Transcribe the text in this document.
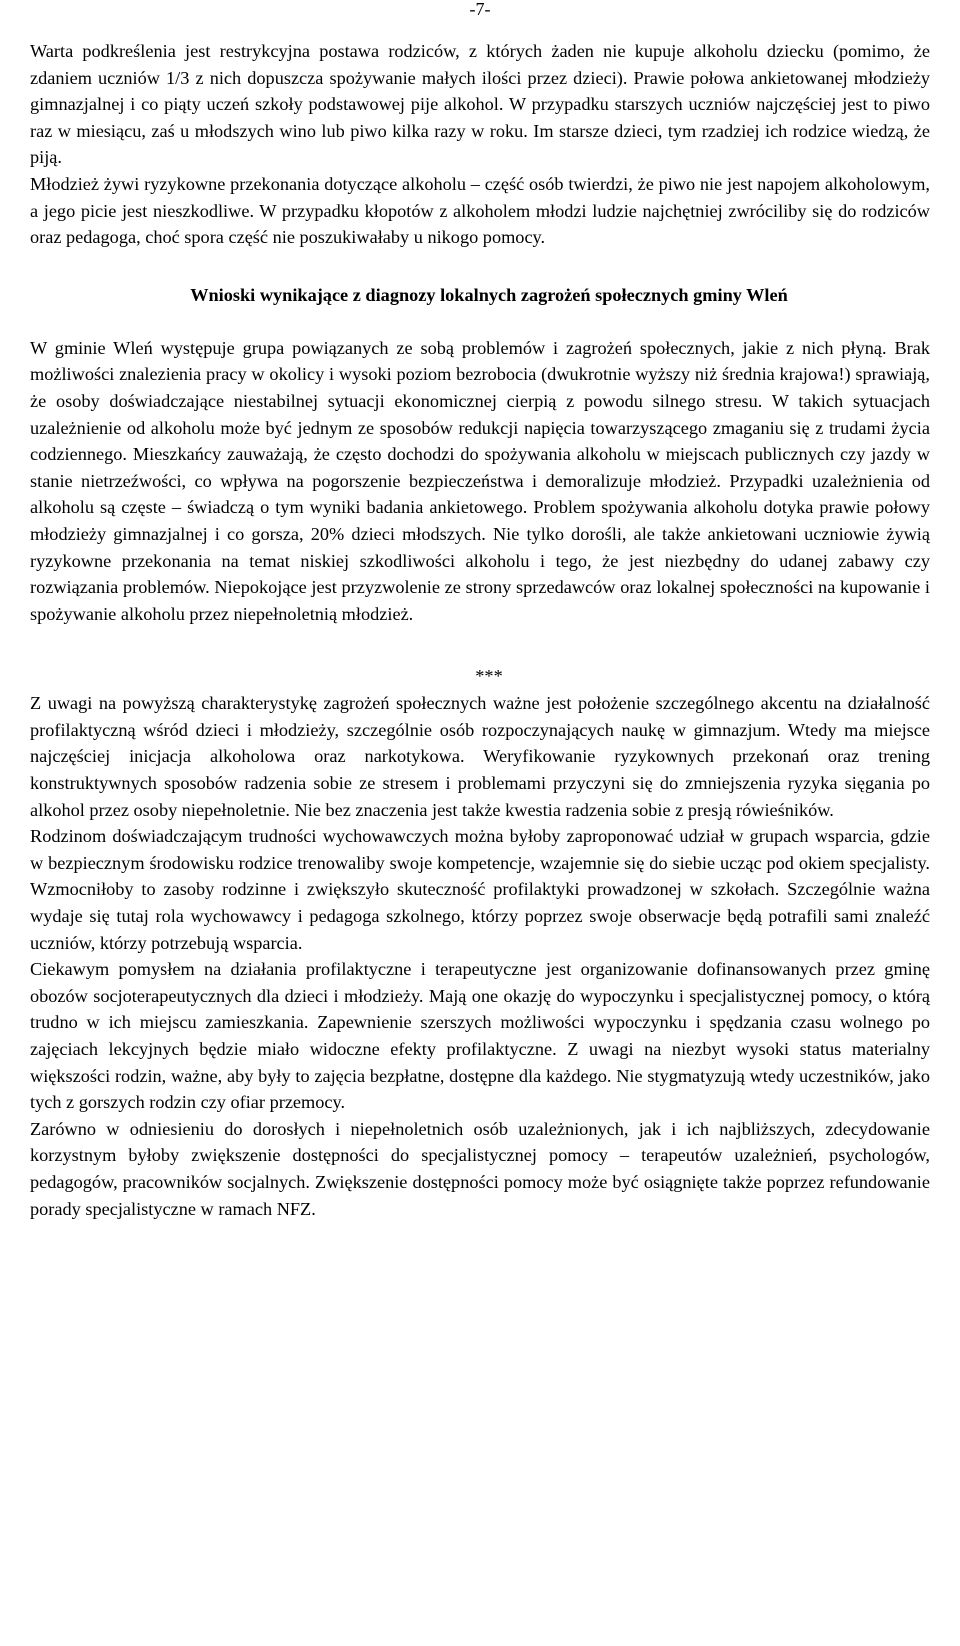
-7-

Warta podkreślenia jest restrykcyjna postawa rodziców, z których żaden nie kupuje alkoholu dziecku (pomimo, że zdaniem uczniów 1/3 z nich dopuszcza spożywanie małych ilości przez dzieci). Prawie połowa ankietowanej młodzieży gimnazjalnej i co piąty uczeń szkoły podstawowej pije alkohol. W przypadku starszych uczniów najczęściej jest to piwo raz w miesiącu, zaś u młodszych wino lub piwo kilka razy w roku. Im starsze dzieci, tym rzadziej ich rodzice wiedzą, że piją.

Młodzież żywi ryzykowne przekonania dotyczące alkoholu – część osób twierdzi, że piwo nie jest napojem alkoholowym, a jego picie jest nieszkodliwe. W przypadku kłopotów z alkoholem młodzi ludzie najchętniej zwróciliby się do rodziców oraz pedagoga, choć spora część nie poszukiwałaby u nikogo pomocy.

Wnioski wynikające z diagnozy lokalnych zagrożeń społecznych gminy Wleń

W gminie Wleń występuje grupa powiązanych ze sobą problemów i zagrożeń społecznych, jakie z nich płyną. Brak możliwości znalezienia pracy w okolicy i wysoki poziom bezrobocia (dwukrotnie wyższy niż średnia krajowa!) sprawiają, że osoby doświadczające niestabilnej sytuacji ekonomicznej cierpią z powodu silnego stresu. W takich sytuacjach uzależnienie od alkoholu może być jednym ze sposobów redukcji napięcia towarzyszącego zmaganiu się z trudami życia codziennego. Mieszkańcy zauważają, że często dochodzi do spożywania alkoholu w miejscach publicznych czy jazdy w stanie nietrzeźwości, co wpływa na pogorszenie bezpieczeństwa i demoralizuje młodzież. Przypadki uzależnienia od alkoholu są częste – świadczą o tym wyniki badania ankietowego. Problem spożywania alkoholu dotyka prawie połowy młodzieży gimnazjalnej i co gorsza, 20% dzieci młodszych. Nie tylko dorośli, ale także ankietowani uczniowie żywią ryzykowne przekonania na temat niskiej szkodliwości alkoholu i tego, że jest niezbędny do udanej zabawy czy rozwiązania problemów. Niepokojące jest przyzwolenie ze strony sprzedawców oraz lokalnej społeczności na kupowanie i spożywanie alkoholu przez niepełnoletnią młodzież.

***

Z uwagi na powyższą charakterystykę zagrożeń społecznych ważne jest położenie szczególnego akcentu na działalność profilaktyczną wśród dzieci i młodzieży, szczególnie osób rozpoczynających naukę w gimnazjum. Wtedy ma miejsce najczęściej inicjacja alkoholowa oraz narkotykowa. Weryfikowanie ryzykownych przekonań oraz trening konstruktywnych sposobów radzenia sobie ze stresem i problemami przyczyni się do zmniejszenia ryzyka sięgania po alkohol przez osoby niepełnoletnie. Nie bez znaczenia jest także kwestia radzenia sobie z presją rówieśników.

Rodzinom doświadczającym trudności wychowawczych można byłoby zaproponować udział w grupach wsparcia, gdzie w bezpiecznym środowisku rodzice trenowaliby swoje kompetencje, wzajemnie się do siebie ucząc pod okiem specjalisty. Wzmocniłoby to zasoby rodzinne i zwiększyło skuteczność profilaktyki prowadzonej w szkołach. Szczególnie ważna wydaje się tutaj rola wychowawcy i pedagoga szkolnego, którzy poprzez swoje obserwacje będą potrafili sami znaleźć uczniów, którzy potrzebują wsparcia.

Ciekawym pomysłem na działania profilaktyczne i terapeutyczne jest organizowanie dofinansowanych przez gminę obozów socjoterapeutycznych dla dzieci i młodzieży. Mają one okazję do wypoczynku i specjalistycznej pomocy, o którą trudno w ich miejscu zamieszkania. Zapewnienie szerszych możliwości wypoczynku i spędzania czasu wolnego po zajęciach lekcyjnych będzie miało widoczne efekty profilaktyczne. Z uwagi na niezbyt wysoki status materialny większości rodzin, ważne, aby były to zajęcia bezpłatne, dostępne dla każdego. Nie stygmatyzują wtedy uczestników, jako tych z gorszych rodzin czy ofiar przemocy.

Zarówno w odniesieniu do dorosłych i niepełnoletnich osób uzależnionych, jak i ich najbliższych, zdecydowanie korzystnym byłoby zwiększenie dostępności do specjalistycznej pomocy – terapeutów uzależnień, psychologów, pedagogów, pracowników socjalnych. Zwiększenie dostępności pomocy może być osiągnięte także poprzez refundowanie porady specjalistyczne w ramach NFZ.
